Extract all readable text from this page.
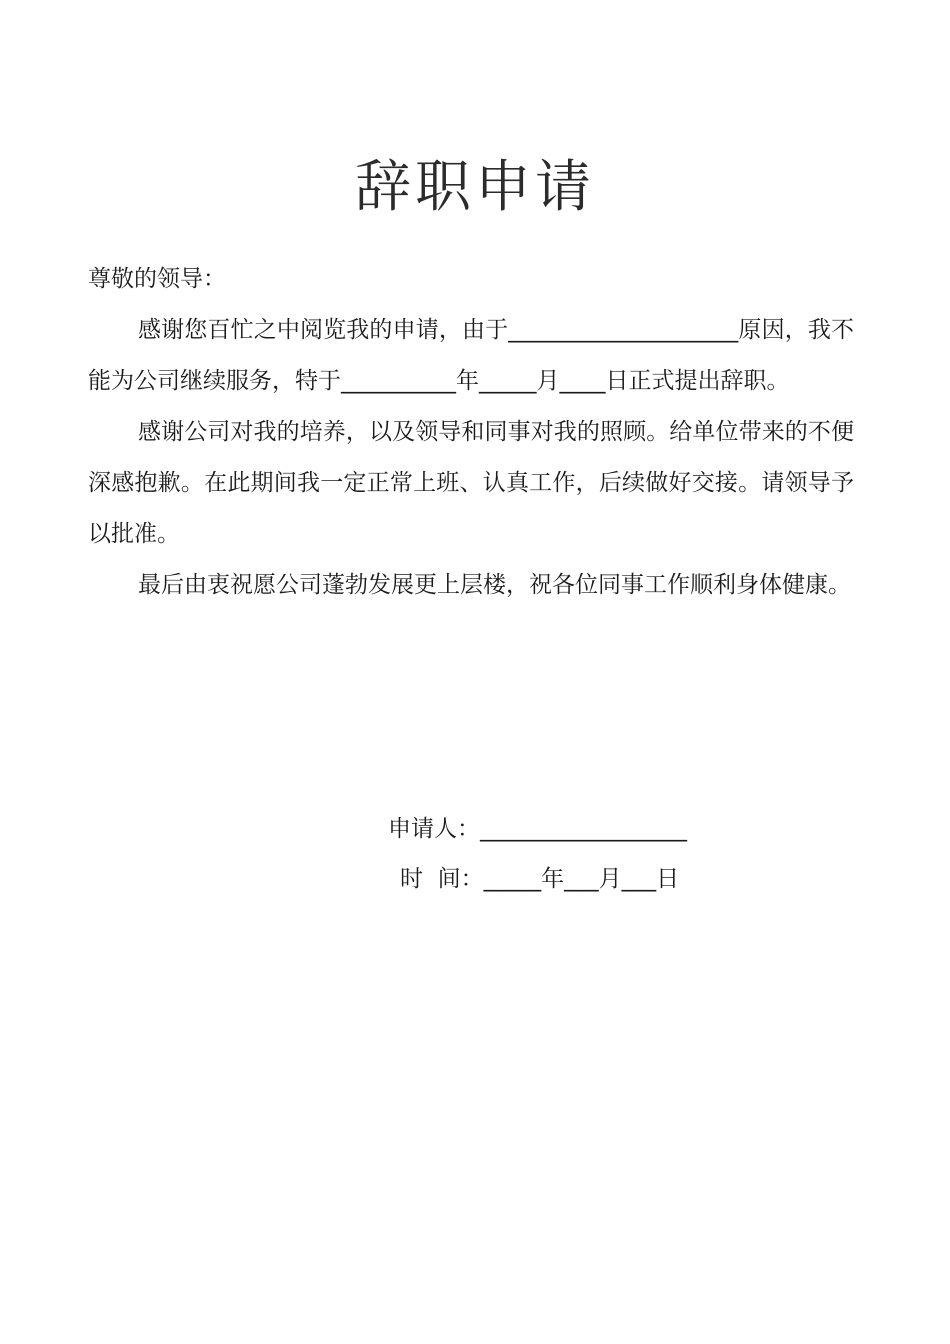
辞职申请

尊敬的领导：

感谢您百忙之中阅览我的申请，由于____________________原因，我不能为公司继续服务，特于__________年_____月____日正式提出辞职。

感谢公司对我的培养，以及领导和同事对我的照顾。给单位带来的不便深感抱歉。在此期间我一定正常上班、认真工作，后续做好交接。请领导予以批准。

最后由衷祝愿公司蓬勃发展更上层楼，祝各位同事工作顺利身体健康。

申请人：__________________
时  间：_____年___月___日
